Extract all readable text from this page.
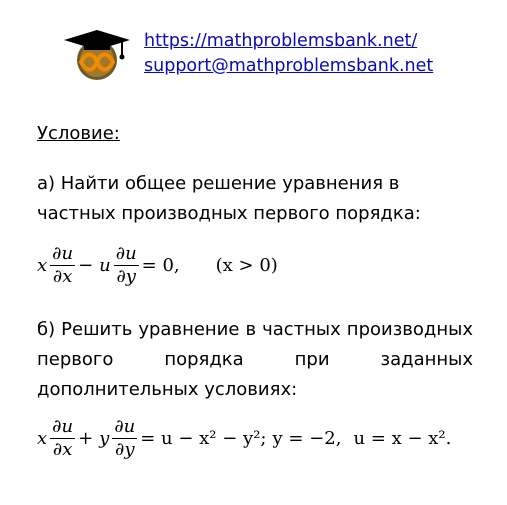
https://mathproblemsbank.net/
support@mathproblemsbank.net
Условие:
а) Найти общее решение уравнения в частных производных первого порядка:
x $\frac{\partial u}{\partial x} - u \frac{\partial u}{\partial y} = 0$, (x > 0)
б) Решить уравнение в частных производных первого порядка при заданных дополнительных условиях:
x $\frac{\partial u}{\partial x} + y \frac{\partial u}{\partial y} = u - x^2 - y^2$; y = −2, u = x − x².
